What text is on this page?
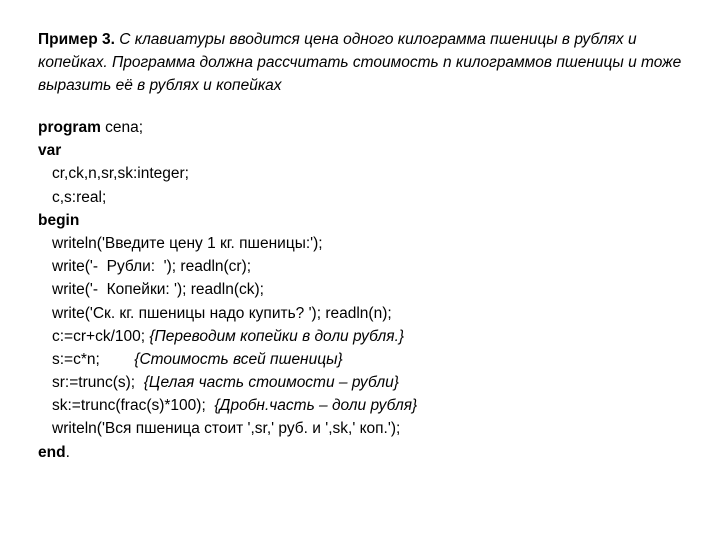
Пример 3. С клавиатуры вводится цена одного килограмма пшеницы в рублях и копейках. Программа должна рассчитать стоимость n килограммов пшеницы и тоже выразить её в рублях и копейках
program cena;
var
cr,ck,n,sr,sk:integer;
c,s:real;
begin
writeln('Введите цену 1 кг. пшеницы:');
write('-  Рубли:  '); readln(cr);
write('-  Копейки: '); readln(ck);
write('Ск. кг. пшеницы надо купить? '); readln(n);
c:=cr+ck/100; {Переводим копейки в доли рубля.}
s:=c*n;        {Стоимость всей пшеницы}
sr:=trunc(s);  {Целая часть стоимости – рубли}
sk:=trunc(frac(s)*100);  {Дробн.часть – доли рубля}
writeln('Вся пшеница стоит ',sr,' руб. и ',sk,' коп.');
end.
